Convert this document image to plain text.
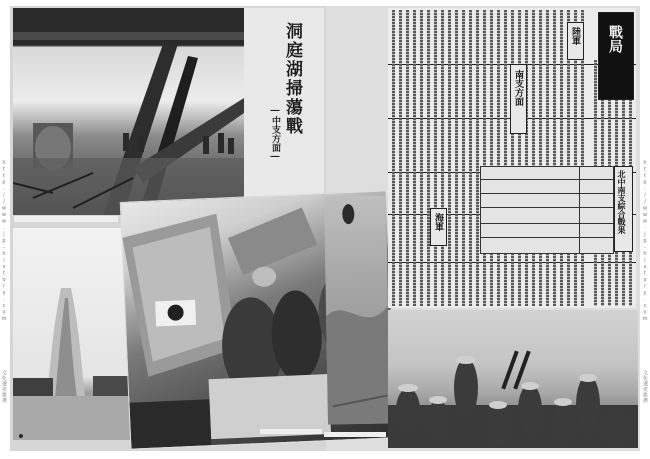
http://www.jp-history.com
文化遺產維護
http://www.jp-history.com
文化遺產維護
洞庭湖掃蕩戰
―中支方面―
8
戰局
陸軍
南支方面
北中南支綜合戰果
海軍
